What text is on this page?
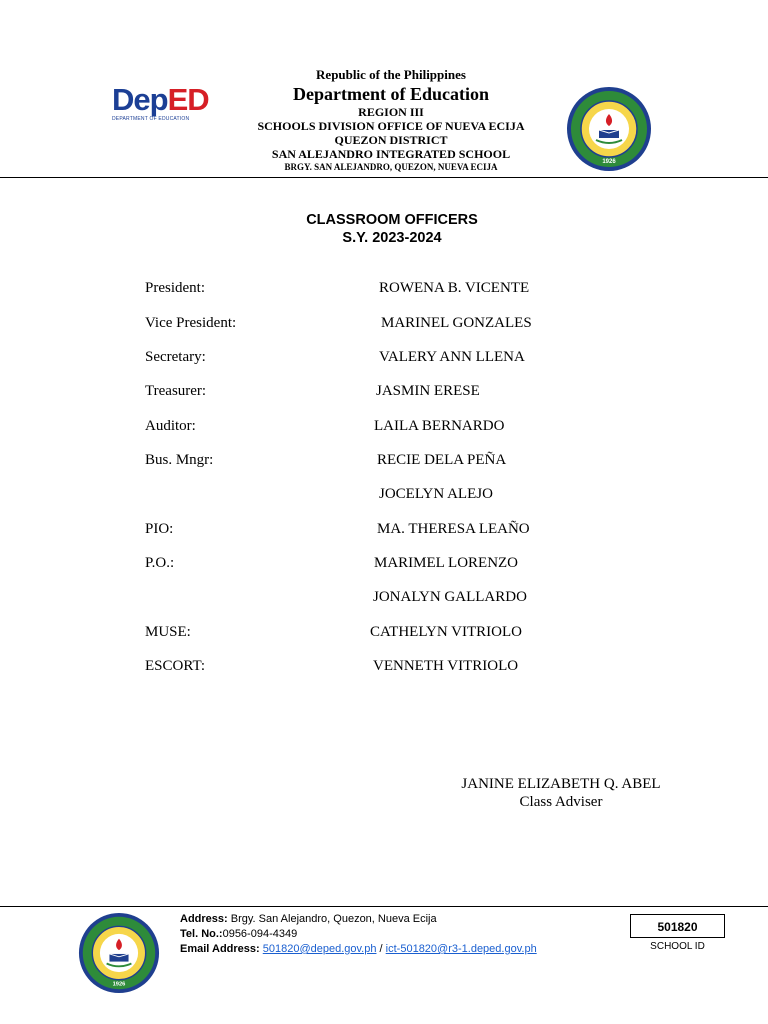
DepED
DEPARTMENT OF EDUCATION
Republic of the Philippines
Department of Education
REGION III
SCHOOLS DIVISION OFFICE OF NUEVA ECIJA
QUEZON DISTRICT
SAN ALEJANDRO INTEGRATED SCHOOL
BRGY. SAN ALEJANDRO, QUEZON, NUEVA ECIJA	1926
CLASSROOM OFFICERS
S.Y. 2023-2024
President:	ROWENA B. VICENTE
Vice President:	MARINEL GONZALES
Secretary:	VALERY ANN LLENA
Treasurer:	JASMIN ERESE
Auditor:	LAILA BERNARDO
Bus. Mngr:	RECIE DELA PEÑA
JOCELYN ALEJO
PIO:	MA. THERESA LEAÑO
P.O.:	MARIMEL LORENZO
JONALYN GALLARDO
MUSE:	CATHELYN VITRIOLO
ESCORT:	VENNETH VITRIOLO
JANINE ELIZABETH Q. ABEL
Class Adviser
1926
Address: Brgy. San Alejandro, Quezon, Nueva Ecija
Tel. No.:0956-094-4349
Email Address: 501820@deped.gov.ph / ict-501820@r3-1.deped.gov.ph
501820
SCHOOL ID
